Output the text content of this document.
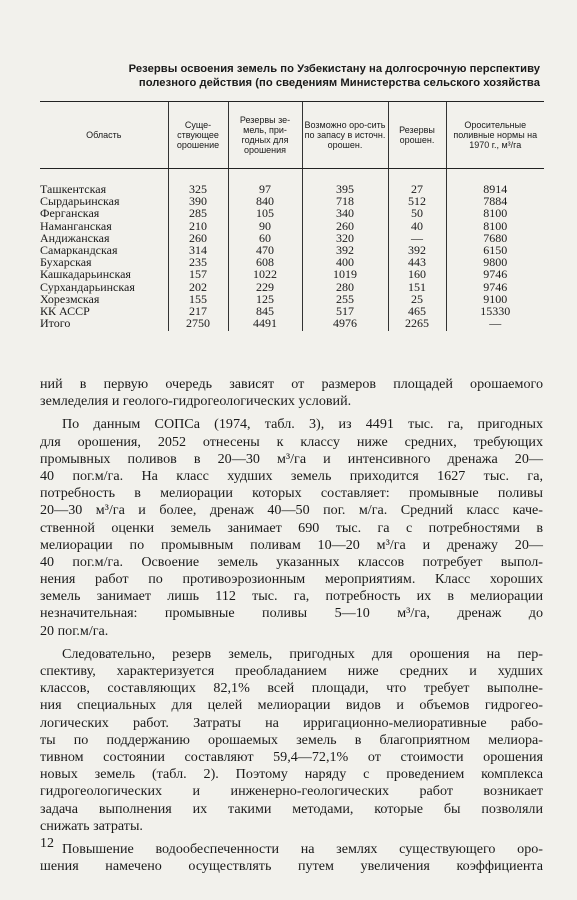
Резервы освоения земель по Узбекистану на долгосрочную перспективу
полезного действия (по сведениям Министерства сельского хозяйства
Область	Суще-ствующее орошение	Резервы зе-мель, при-годных для орошения	Возможно оро-сить по запасу в источн. орошен.	Резервы орошен.	Оросительные поливные нормы на 1970 г., м³/га
Ташкентская	325	97	395	27	8914
Сырдарьинская	390	840	718	512	7884
Ферганская	285	105	340	50	8100
Наманганская	210	90	260	40	8100
Андижанская	260	60	320	—	7680
Самаркандская	314	470	392	392	6150
Бухарская	235	608	400	443	9800
Кашкадарьинская	157	1022	1019	160	9746
Сурхандарьинская	202	229	280	151	9746
Хорезмская	155	125	255	25	9100
КК АССР	217	845	517	465	15330
Итого	2750	4491	4976	2265	—
ний в первую очередь зависят от размеров площадей орошаемого
земледелия и геолого-гидрогеологических условий.
По данным СОПСа (1974, табл. 3), из 4491 тыс. га, пригодных
для орошения, 2052 отнесены к классу ниже средних, требующих
промывных поливов в 20—30 м³/га и интенсивного дренажа 20—
40 пог.м/га. На класс худших земель приходится 1627 тыс. га,
потребность в мелиорации которых составляет: промывные поливы
20—30 м³/га и более, дренаж 40—50 пог. м/га. Средний класс каче-
ственной оценки земель занимает 690 тыс. га с потребностями в
мелиорации по промывным поливам 10—20 м³/га и дренажу 20—
40 пог.м/га. Освоение земель указанных классов потребует выпол-
нения работ по противоэрозионным мероприятиям. Класс хороших
земель занимает лишь 112 тыс. га, потребность их в мелиорации
незначительная: промывные поливы 5—10 м³/га, дренаж до
20 пог.м/га.
Следовательно, резерв земель, пригодных для орошения на пер-
спективу, характеризуется преобладанием ниже средних и худших
классов, составляющих 82,1% всей площади, что требует выполне-
ния специальных для целей мелиорации видов и объемов гидрогео-
логических работ. Затраты на ирригационно-мелиоративные рабо-
ты по поддержанию орошаемых земель в благоприятном мелиора-
тивном состоянии составляют 59,4—72,1% от стоимости орошения
новых земель (табл. 2). Поэтому наряду с проведением комплекса
гидрогеологических и инженерно-геологических работ возникает
задача выполнения их такими методами, которые бы позволяли
снижать затраты.
Повышение водообеспеченности на землях существующего оро-
шения намечено осуществлять путем увеличения коэффициента
12
